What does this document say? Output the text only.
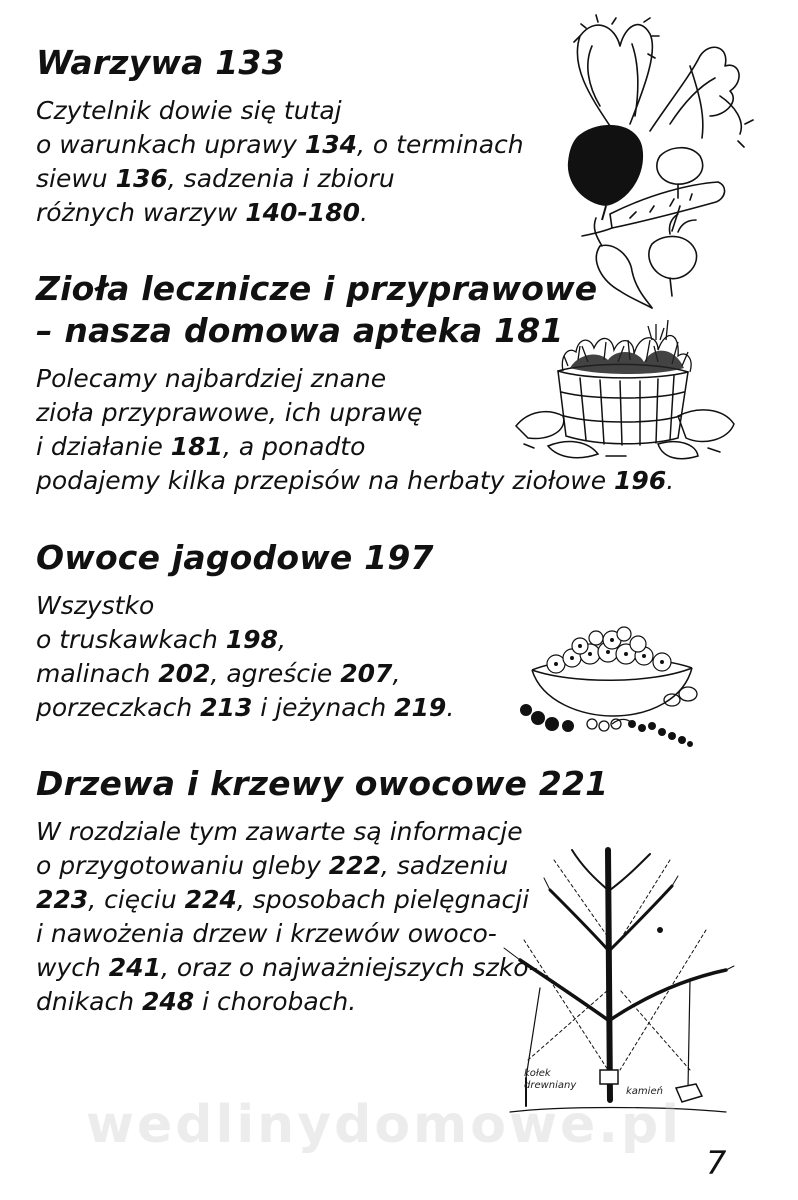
Warzywa 133
Czytelnik dowie się tutaj
o warunkach uprawy 134, o terminach
siewu 136, sadzenia i zbioru
różnych warzyw 140-180.
Zioła lecznicze i przyprawowe
– nasza domowa apteka 181
Polecamy najbardziej znane
zioła przyprawowe, ich uprawę
i działanie 181, a ponadto
podajemy kilka przepisów na herbaty ziołowe 196.
Owoce jagodowe 197
Wszystko
o truskawkach 198,
malinach 202, agreście 207,
porzeczkach 213 i jeżynach 219.
Drzewa i krzewy owocowe 221
W rozdziale tym zawarte są informacje
o przygotowaniu gleby 222, sadzeniu
223, cięciu 224, sposobach pielęgnacji
i nawożenia drzew i krzewów owoco-
wych 241, oraz o najważniejszych szko-
dnikach 248 i chorobach.
kołek
drewniany
kamień
wedlinydomowe.pl
7
